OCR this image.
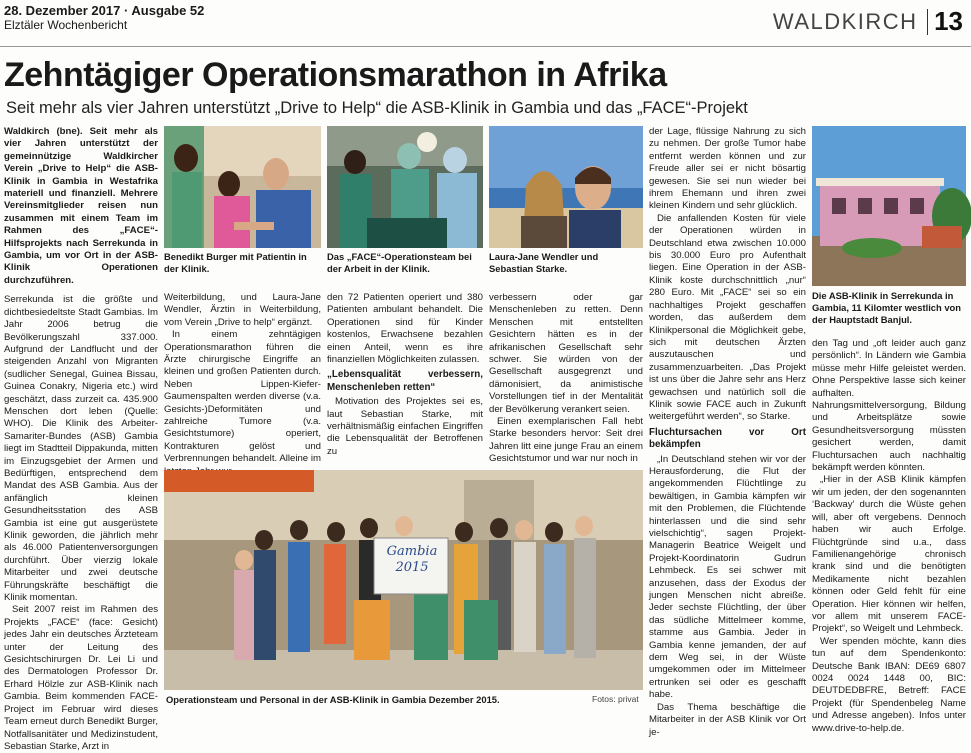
28. Dezember 2017 · Ausgabe 52
Elztäler Wochenbericht	WALDKIRCH 13
Zehntägiger Operationsmarathon in Afrika
Seit mehr als vier Jahren unterstützt „Drive to Help“ die ASB-Klinik in Gambia und das „FACE“-Projekt

Waldkirch (bne). Seit mehr als vier Jahren unterstützt der gemeinnützige Waldkircher Verein „Drive to Help“ die ASB-Klinik in Gambia in Westafrika materiell und finanziell. Mehrere Vereinsmitglieder reisen nun zusammen mit einem Team im Rahmen des „FACE“-Hilfsprojekts nach Serrekunda in Gambia, um vor Ort in der ASB-Klinik Operationen durchzuführen.

Serrekunda ist die größte und dichtbesiedeltste Stadt Gambias. Im Jahr 2006 betrug die Bevölkerungszahl 337.000. Aufgrund der Landflucht und der steigenden Anzahl von Migranten (sudlicher Senegal, Guinea Bissau, Guinea Conakry, Nigeria etc.) wird geschätzt, dass zurzeit ca. 435.900 Menschen dort leben (Quelle: WHO). Die Klinik des Arbeiter-Samariter-Bundes (ASB) Gambia liegt im Stadtteil Dippakunda, mitten im Einzugsgebiet der Armen und Bedürftigen, entsprechend dem Mandat des ASB Gambia. Aus der anfänglich kleinen Gesundheitsstation des ASB Gambia ist eine gut ausgerüstete Klinik geworden, die jährlich mehr als 46.000 Patientenversorgungen durchführt. Über vierzig lokale Mitarbeiter und zwei deutsche Führungskräfte beschäftigt die Klinik momentan.

Seit 2007 reist im Rahmen des Projekts „FACE“ (face: Gesicht) jedes Jahr ein deutsches Ärzteteam unter der Leitung des Gesichtschirurgen Dr. Lei Li und des Dermatologen Professor Dr. Erhard Hölzle zur ASB-Klinik nach Gambia. Beim kommenden FACE-Project im Februar wird dieses Team erneut durch Benedikt Burger, Notfallsanitäter und Medizinstudent, Sebastian Starke, Arzt in

Benedikt Burger mit Patientin in der Klinik.
Das „FACE“-Operationsteam bei der Arbeit in der Klinik.
Laura-Jane Wendler und Sebastian Starke.

Weiterbildung, und Laura-Jane Wendler, Ärztin in Weiterbildung, vom Verein „Drive to help“ ergänzt.

In einem zehntägigen Operationsmarathon führen die Ärzte chirurgische Eingriffe an kleinen und großen Patienten durch. Neben Lippen-Kiefer-Gaumenspalten werden diverse (v.a. Gesichts-)Deformitäten und zahlreiche Tumore (v.a. Gesichtstumore) operiert, Kontrakturen gelöst und Verbrennungen behandelt. Alleine im

den 72 Patienten operiert und 380 Patienten ambulant behandelt. Die Operationen sind für Kinder kostenlos, Erwachsene bezahlen einen Anteil, wenn es ihre finanziellen Möglichkeiten zulassen.

„Lebensqualität verbessern, Menschenleben retten“

Motivation des Projektes sei es, laut Sebastian Starke, mit verhältnismäßig einfachen Eingriffen die Lebensqualität der Betroffenen zu

verbessern oder gar Menschenleben zu retten. Denn Menschen mit entstellten Gesichtern hätten es in der afrikanischen Gesellschaft sehr schwer. Sie würden von der Gesellschaft ausgegrenzt und dämonisiert, da animistische Vorstellungen tief in der Mentalität der Bevölkerung verankert seien.

Einen exemplarischen Fall hebt Starke besonders hervor: Seit drei Jahren litt eine junge Frau an einem Gesichtstumor und war nur noch in

Gambia
2015
Operationsteam und Personal in der ASB-Klinik in Gambia Dezember 2015.	Fotos: privat

der Lage, flüssige Nahrung zu sich zu nehmen. Der große Tumor habe entfernt werden können und zur Freude aller sei er nicht bösartig gewesen. Sie sei nun wieder bei ihrem Ehemann und ihren zwei kleinen Kindern und sehr glücklich.

Die anfallenden Kosten für viele der Operationen würden in Deutschland etwa zwischen 10.000 bis 30.000 Euro pro Aufenthalt liegen. Eine Operation in der ASB-Klinik koste durchschnittlich „nur“ 280 Euro. Mit „FACE“ sei so ein nachhaltiges Projekt geschaffen worden, das außerdem dem Klinikpersonal die Möglichkeit gebe, sich mit deutschen Ärzten auszutauschen und zusammenzuarbeiten. „Das Projekt ist uns über die Jahre sehr ans Herz gewachsen und natürlich soll die Klinik sowie FACE auch in Zukunft weitergeführt werden“, so Starke.

Fluchtursachen vor Ort bekämpfen

„In Deutschland stehen wir vor der Herausforderung, die Flut der angekommenden Flüchtlinge zu bewältigen, in Gambia kämpfen wir mit den Problemen, die Flüchtende hinterlassen und die sind sehr vielschichtig“, sagen Projekt-Managerin Beatrice Weigelt und Projekt-Koordinatorin Gudrun Lehmbeck. Es sei schwer mit anzusehen, dass der Exodus der jungen Menschen nicht abreiße. Jeder sechste Flüchtling, der über das südliche Mittelmeer komme, stamme aus Gambia. Jeder in Gambia kenne jemanden, der auf dem Weg sei, in der Wüste umgekommen oder im Mittelmeer ertrunken sei oder es geschafft habe.

Das Thema beschäftige die Mitarbeiter in der ASB Klinik vor Ort je-

Die ASB-Klinik in Serrekunda in Gambia, 11 Kilomter westlich von der Hauptstadt Banjul.

den Tag und „oft leider auch ganz persönlich“. In Ländern wie Gambia müsse mehr Hilfe geleistet werden. Ohne Perspektive lasse sich keiner aufhalten. Nahrungsmittelversorgung, Bildung und Arbeitsplätze sowie Gesundheitsversorgung müssten gesichert werden, damit Fluchtursachen auch nachhaltig bekämpft werden könnten.

„Hier in der ASB Klinik kämpfen wir um jeden, der den sogenannten ‘Backway’ durch die Wüste gehen will, aber oft vergebens. Dennoch haben wir auch Erfolge. Flüchtgründe sind u.a., dass Familienangehörige chronisch krank sind und die benötigten Medikamente nicht bezahlen können oder Geld fehlt für eine Operation. Hier können wir helfen, vor allem mit unserem FACE-Projekt“, so Weigelt und Lehmbeck.

Wer spenden möchte, kann dies tun auf dem Spendenkonto: Deutsche Bank IBAN: DE69 6807 0024 0024 1448 00, BIC: DEUTDEDBFRE, Betreff: FACE Projekt (für Spendenbeleg Name und Adresse angeben). Infos unter www.drive-to-help.de.
